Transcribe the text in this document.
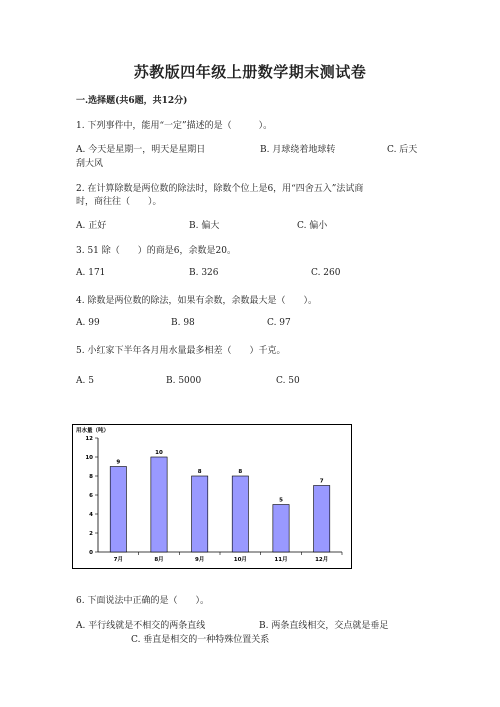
苏教版四年级上册数学期末测试卷
一.选择题(共6题，共12分)
1. 下列事件中，能用“一定”描述的是（　　　）。
A. 今天是星期一，明天是星期日	B. 月球绕着地球转	C. 后天
刮大风
2. 在计算除数是两位数的除法时，除数个位上是6，用“四舍五入”法试商
时，商往往（　　）。
A. 正好	B. 偏大	C. 偏小
3. 51 除（　　）的商是6，余数是20。
A. 171	B. 326	C. 260
4. 除数是两位数的除法，如果有余数，余数最大是（　　）。
A. 99	B. 98	C. 97
5. 小红家下半年各月用水量最多相差（　　）千克。
A. 5	B. 5000	C. 50
用水量（吨）
0
2
4
6
8
10
12
9
7月
10
8月
8
9月
8
10月
5
11月
7
12月
6. 下面说法中正确的是（　　）。
A. 平行线就是不相交的两条直线	B. 两条直线相交，交点就是垂足
C. 垂直是相交的一种特殊位置关系
